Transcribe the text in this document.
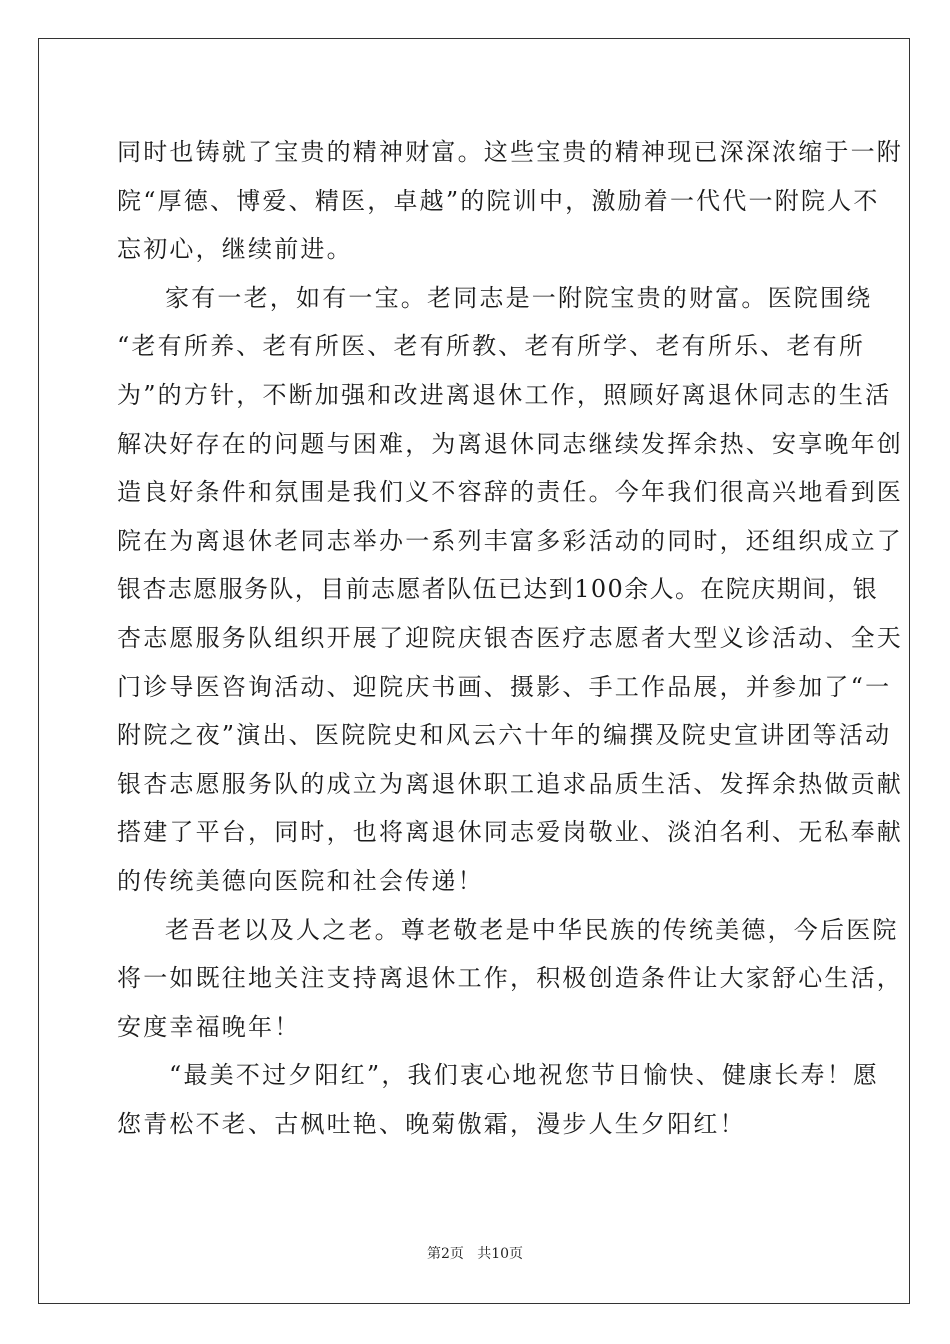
同时也铸就了宝贵的精神财富。这些宝贵的精神现已深深浓缩于一附
院“厚德、博爱、精医，卓越”的院训中，激励着一代代一附院人不
忘初心，继续前进。
家有一老，如有一宝。老同志是一附院宝贵的财富。医院围绕
“老有所养、老有所医、老有所教、老有所学、老有所乐、老有所
为”的方针，不断加强和改进离退休工作，照顾好离退休同志的生活
解决好存在的问题与困难，为离退休同志继续发挥余热、安享晚年创
造良好条件和氛围是我们义不容辞的责任。今年我们很高兴地看到医
院在为离退休老同志举办一系列丰富多彩活动的同时，还组织成立了
银杏志愿服务队，目前志愿者队伍已达到100余人。在院庆期间，银
杏志愿服务队组织开展了迎院庆银杏医疗志愿者大型义诊活动、全天
门诊导医咨询活动、迎院庆书画、摄影、手工作品展，并参加了“一
附院之夜”演出、医院院史和风云六十年的编撰及院史宣讲团等活动
银杏志愿服务队的成立为离退休职工追求品质生活、发挥余热做贡献
搭建了平台，同时，也将离退休同志爱岗敬业、淡泊名利、无私奉献
的传统美德向医院和社会传递！
老吾老以及人之老。尊老敬老是中华民族的传统美德，今后医院
将一如既往地关注支持离退休工作，积极创造条件让大家舒心生活，
安度幸福晚年！
“最美不过夕阳红”，我们衷心地祝您节日愉快、健康长寿！愿
您青松不老、古枫吐艳、晚菊傲霜，漫步人生夕阳红！
第2页   共10页
